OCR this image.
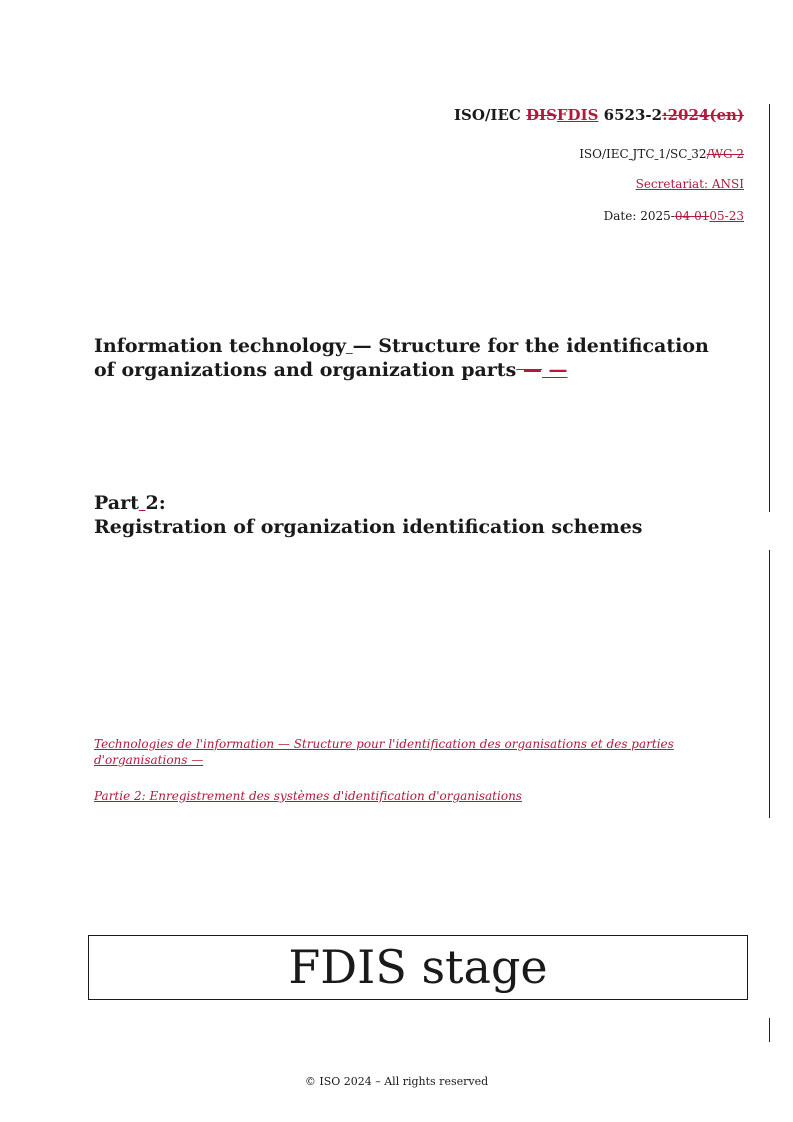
ISO/IEC DISFDIS 6523-2:2024(en)
ISO/IEC JTC 1/SC 32/WG 2
Secretariat: ANSI
Date: 2025-04-0105-23
Information technology — Structure for the identification of organizations and organization parts — —
Part 2:
Registration of organization identification schemes
Technologies de l'information — Structure pour l'identification des organisations et des parties d'organisations —
Partie 2: Enregistrement des systèmes d'identification d'organisations
FDIS stage
© ISO 2024 – All rights reserved
